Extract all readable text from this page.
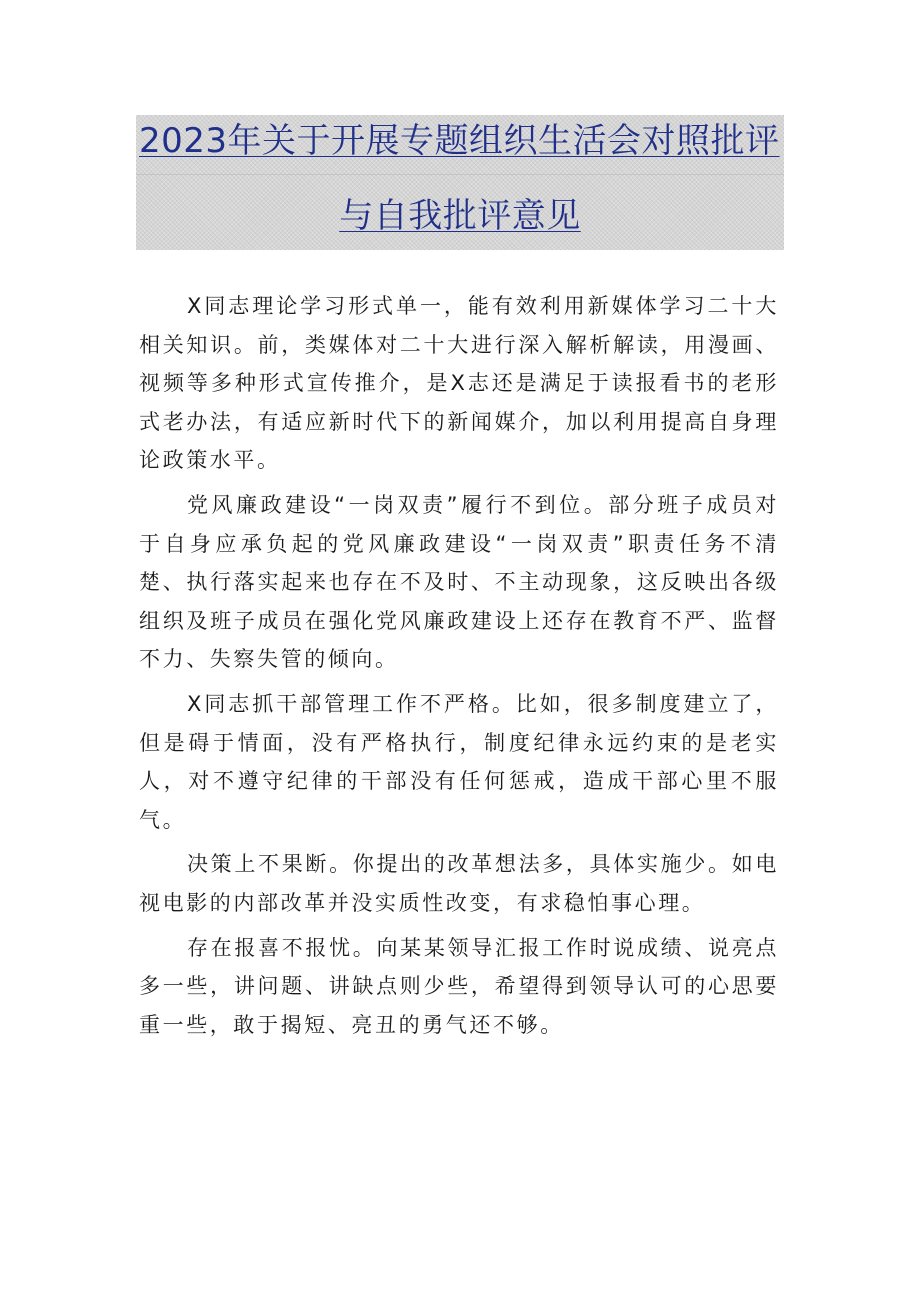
2023年关于开展专题组织生活会对照批评
与自我批评意见

X同志理论学习形式单一，能有效利用新媒体学习二十大相关知识。前，类媒体对二十大进行深入解析解读，用漫画、视频等多种形式宣传推介，是X志还是满足于读报看书的老形式老办法，有适应新时代下的新闻媒介，加以利用提高自身理论政策水平。

党风廉政建设“一岗双责”履行不到位。部分班子成员对于自身应承负起的党风廉政建设“一岗双责”职责任务不清楚、执行落实起来也存在不及时、不主动现象，这反映出各级组织及班子成员在强化党风廉政建设上还存在教育不严、监督不力、失察失管的倾向。

X同志抓干部管理工作不严格。比如，很多制度建立了，但是碍于情面，没有严格执行，制度纪律永远约束的是老实人，对不遵守纪律的干部没有任何惩戒，造成干部心里不服气。

决策上不果断。你提出的改革想法多，具体实施少。如电视电影的内部改革并没实质性改变，有求稳怕事心理。

存在报喜不报忧。向某某领导汇报工作时说成绩、说亮点多一些，讲问题、讲缺点则少些，希望得到领导认可的心思要重一些，敢于揭短、亮丑的勇气还不够。
